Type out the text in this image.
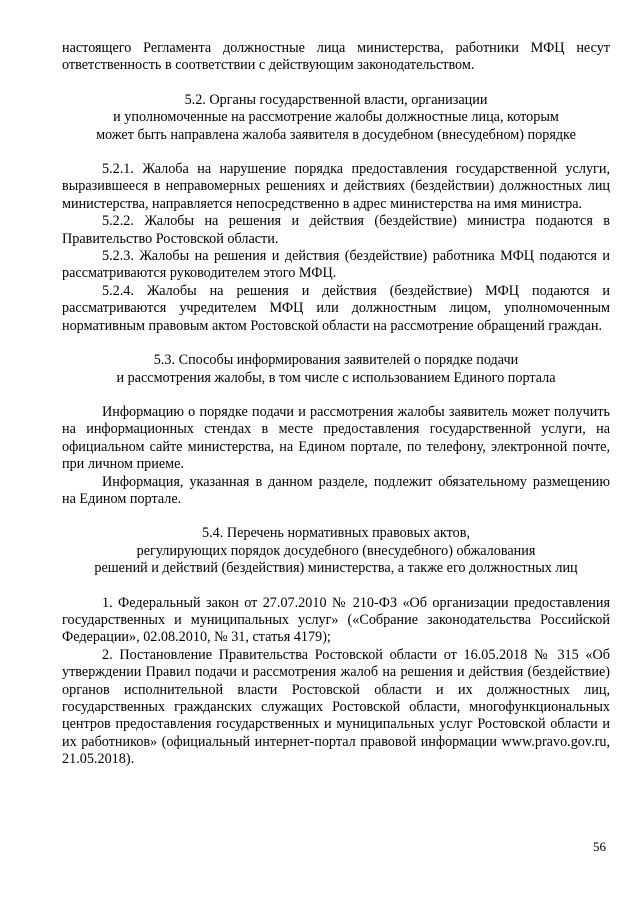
настоящего Регламента должностные лица министерства, работники МФЦ несут ответственность в соответствии с действующим законодательством.

5.2. Органы государственной власти, организации
и уполномоченные на рассмотрение жалобы должностные лица, которым
может быть направлена жалоба заявителя в досудебном (внесудебном) порядке

5.2.1. Жалоба на нарушение порядка предоставления государственной услуги, выразившееся в неправомерных решениях и действиях (бездействии) должностных лиц министерства, направляется непосредственно в адрес министерства на имя министра.

5.2.2. Жалобы на решения и действия (бездействие) министра подаются в Правительство Ростовской области.

5.2.3. Жалобы на решения и действия (бездействие) работника МФЦ подаются и рассматриваются руководителем этого МФЦ.

5.2.4. Жалобы на решения и действия (бездействие) МФЦ подаются и рассматриваются учредителем МФЦ или должностным лицом, уполномоченным нормативным правовым актом Ростовской области на рассмотрение обращений граждан.

5.3. Способы информирования заявителей о порядке подачи
и рассмотрения жалобы, в том числе с использованием Единого портала

Информацию о порядке подачи и рассмотрения жалобы заявитель может получить на информационных стендах в месте предоставления государственной услуги, на официальном сайте министерства, на Едином портале, по телефону, электронной почте, при личном приеме.

Информация, указанная в данном разделе, подлежит обязательному размещению на Едином портале.

5.4. Перечень нормативных правовых актов,
регулирующих порядок досудебного (внесудебного) обжалования
решений и действий (бездействия) министерства, а также его должностных лиц

1. Федеральный закон от 27.07.2010 № 210-ФЗ «Об организации предоставления государственных и муниципальных услуг» («Собрание законодательства Российской Федерации», 02.08.2010, № 31, статья 4179);

2. Постановление Правительства Ростовской области от 16.05.2018 № 315 «Об утверждении Правил подачи и рассмотрения жалоб на решения и действия (бездействие) органов исполнительной власти Ростовской области и их должностных лиц, государственных гражданских служащих Ростовской области, многофункциональных центров предоставления государственных и муниципальных услуг Ростовской области и их работников» (официальный интернет-портал правовой информации www.pravo.gov.ru, 21.05.2018).

56
